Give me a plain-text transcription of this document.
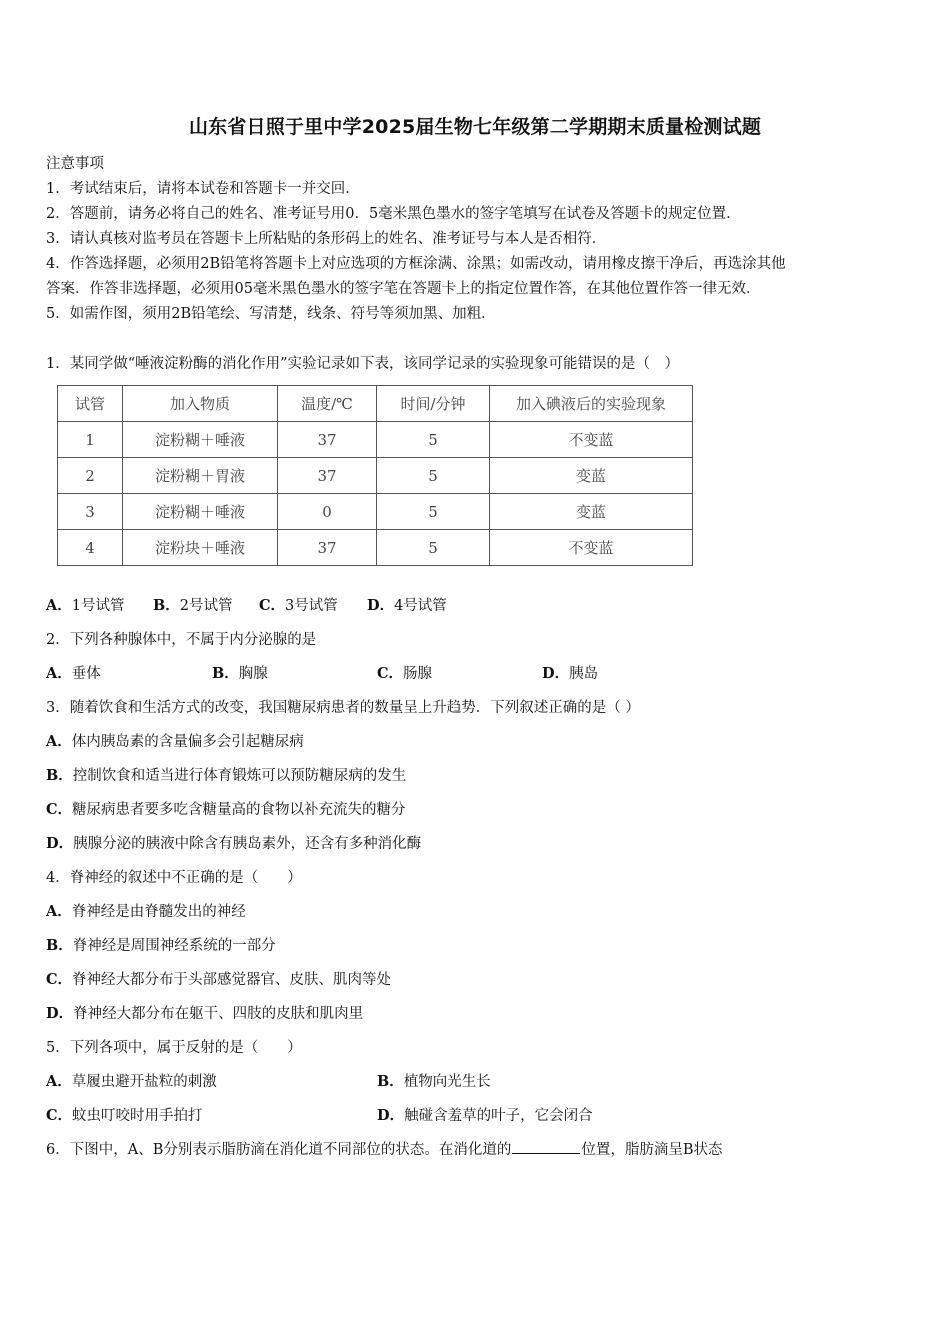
山东省日照于里中学2025届生物七年级第二学期期末质量检测试题
注意事项
1．考试结束后，请将本试卷和答题卡一并交回．
2．答题前，请务必将自己的姓名、准考证号用0．5毫米黑色墨水的签字笔填写在试卷及答题卡的规定位置．
3．请认真核对监考员在答题卡上所粘贴的条形码上的姓名、准考证号与本人是否相符．
4．作答选择题，必须用2B铅笔将答题卡上对应选项的方框涂满、涂黑；如需改动，请用橡皮擦干净后，再选涂其他
答案．作答非选择题，必须用05毫米黑色墨水的签字笔在答题卡上的指定位置作答，在其他位置作答一律无效．
5．如需作图，须用2B铅笔绘、写清楚，线条、符号等须加黑、加粗．
1．某同学做“唾液淀粉酶的消化作用”实验记录如下表，该同学记录的实验现象可能错误的是（　）
试管	加入物质	温度/℃	时间/分钟	加入碘液后的实验现象
1	淀粉糊＋唾液	37	5	不变蓝
2	淀粉糊＋胃液	37	5	变蓝
3	淀粉糊＋唾液	0	5	变蓝
4	淀粉块＋唾液	37	5	不变蓝
A．1号试管 B．2号试管 C．3号试管 D．4号试管
2．下列各种腺体中，不属于内分泌腺的是
A．垂体	B．胸腺	C．肠腺	D．胰岛
3．随着饮食和生活方式的改变，我国糖尿病患者的数量呈上升趋势．下列叙述正确的是（ ）
A．体内胰岛素的含量偏多会引起糖尿病
B．控制饮食和适当进行体育锻炼可以预防糖尿病的发生
C．糖尿病患者要多吃含糖量高的食物以补充流失的糖分
D．胰腺分泌的胰液中除含有胰岛素外，还含有多种消化酶
4．脊神经的叙述中不正确的是（　　）
A．脊神经是由脊髓发出的神经
B．脊神经是周围神经系统的一部分
C．脊神经大都分布于头部感觉器官、皮肤、肌肉等处
D．脊神经大都分布在躯干、四肢的皮肤和肌肉里
5．下列各项中，属于反射的是（　　）
A．草履虫避开盐粒的刺激	B．植物向光生长
C．蚊虫叮咬时用手拍打	D．触碰含羞草的叶子，它会闭合
6．下图中，A、B分别表示脂肪滴在消化道不同部位的状态。在消化道的	位置，脂肪滴呈B状态
